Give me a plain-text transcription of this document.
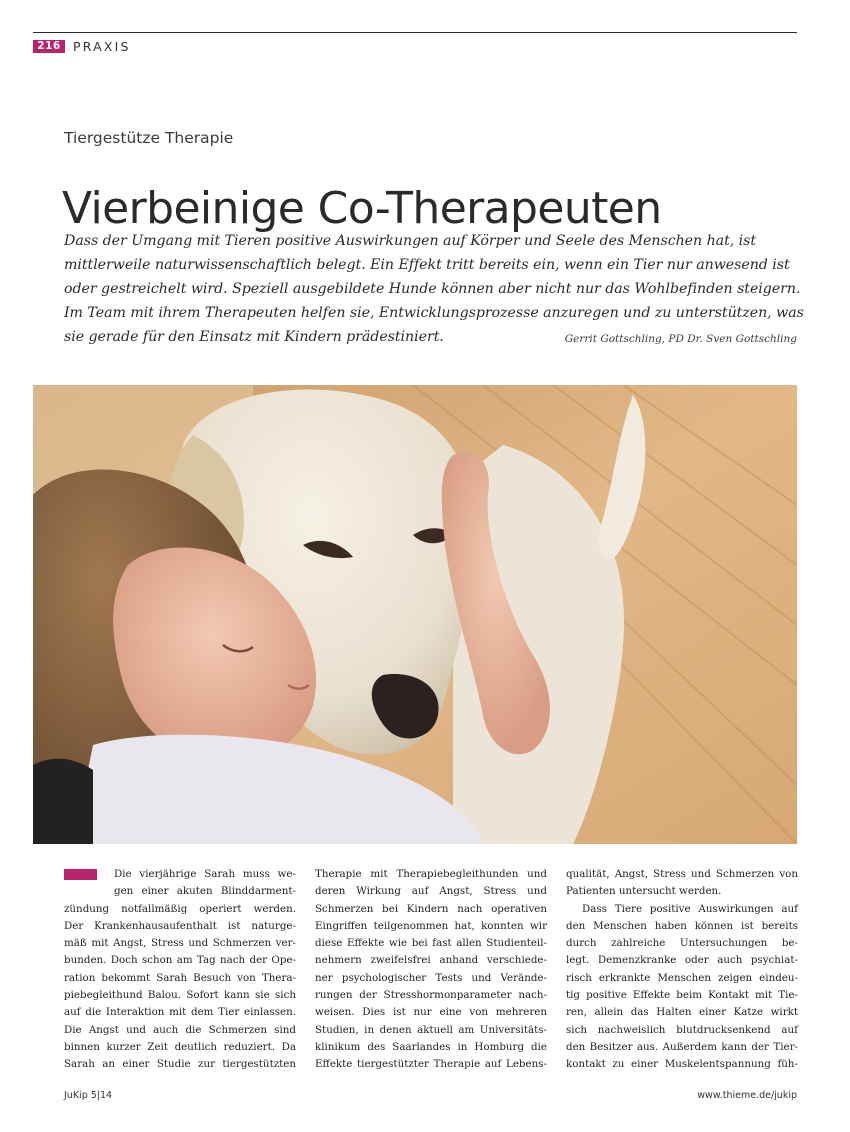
216 PRAXIS
Tiergestütze Therapie
Vierbeinige Co-Therapeuten

Dass der Umgang mit Tieren positive Auswirkungen auf Körper und Seele des Menschen hat, ist
mittlerweile naturwissenschaftlich belegt. Ein Effekt tritt bereits ein, wenn ein Tier nur anwesend ist
oder gestreichelt wird. Speziell ausgebildete Hunde können aber nicht nur das Wohlbefinden steigern.
Im Team mit ihrem Therapeuten helfen sie, Entwicklungsprozesse anzuregen und zu unterstützen, was
sie gerade für den Einsatz mit Kindern prädestiniert.	Gerrit Gottschling, PD Dr. Sven Gottschling
Die vierjährige Sarah muss we-
gen einer akuten Blinddarment-
zündung notfallmäßig operiert werden.
Der Krankenhausaufenthalt ist naturge-
mäß mit Angst, Stress und Schmerzen ver-
bunden. Doch schon am Tag nach der Ope-
ration bekommt Sarah Besuch von Thera-
piebegleithund Balou. Sofort kann sie sich
auf die Interaktion mit dem Tier einlassen.
Die Angst und auch die Schmerzen sind
binnen kurzer Zeit deutlich reduziert. Da
Sarah an einer Studie zur tiergestützten
Therapie mit Therapiebegleithunden und
deren Wirkung auf Angst, Stress und
Schmerzen bei Kindern nach operativen
Eingriffen teilgenommen hat, konnten wir
diese Effekte wie bei fast allen Studienteil-
nehmern zweifelsfrei anhand verschiede-
ner psychologischer Tests und Verände-
rungen der Stresshormonparameter nach-
weisen. Dies ist nur eine von mehreren
Studien, in denen aktuell am Universitäts-
klinikum des Saarlandes in Homburg die
Effekte tiergestützter Therapie auf Lebens-
qualität, Angst, Stress und Schmerzen von
Patienten untersucht werden.
Dass Tiere positive Auswirkungen auf
den Menschen haben können ist bereits
durch zahlreiche Untersuchungen be-
legt. Demenzkranke oder auch psychiat-
risch erkrankte Menschen zeigen eindeu-
tig positive Effekte beim Kontakt mit Tie-
ren, allein das Halten einer Katze wirkt
sich nachweislich blutdrucksenkend auf
den Besitzer aus. Außerdem kann der Tier-
kontakt zu einer Muskelentspannung füh-
JuKip 5|14	www.thieme.de/jukip
